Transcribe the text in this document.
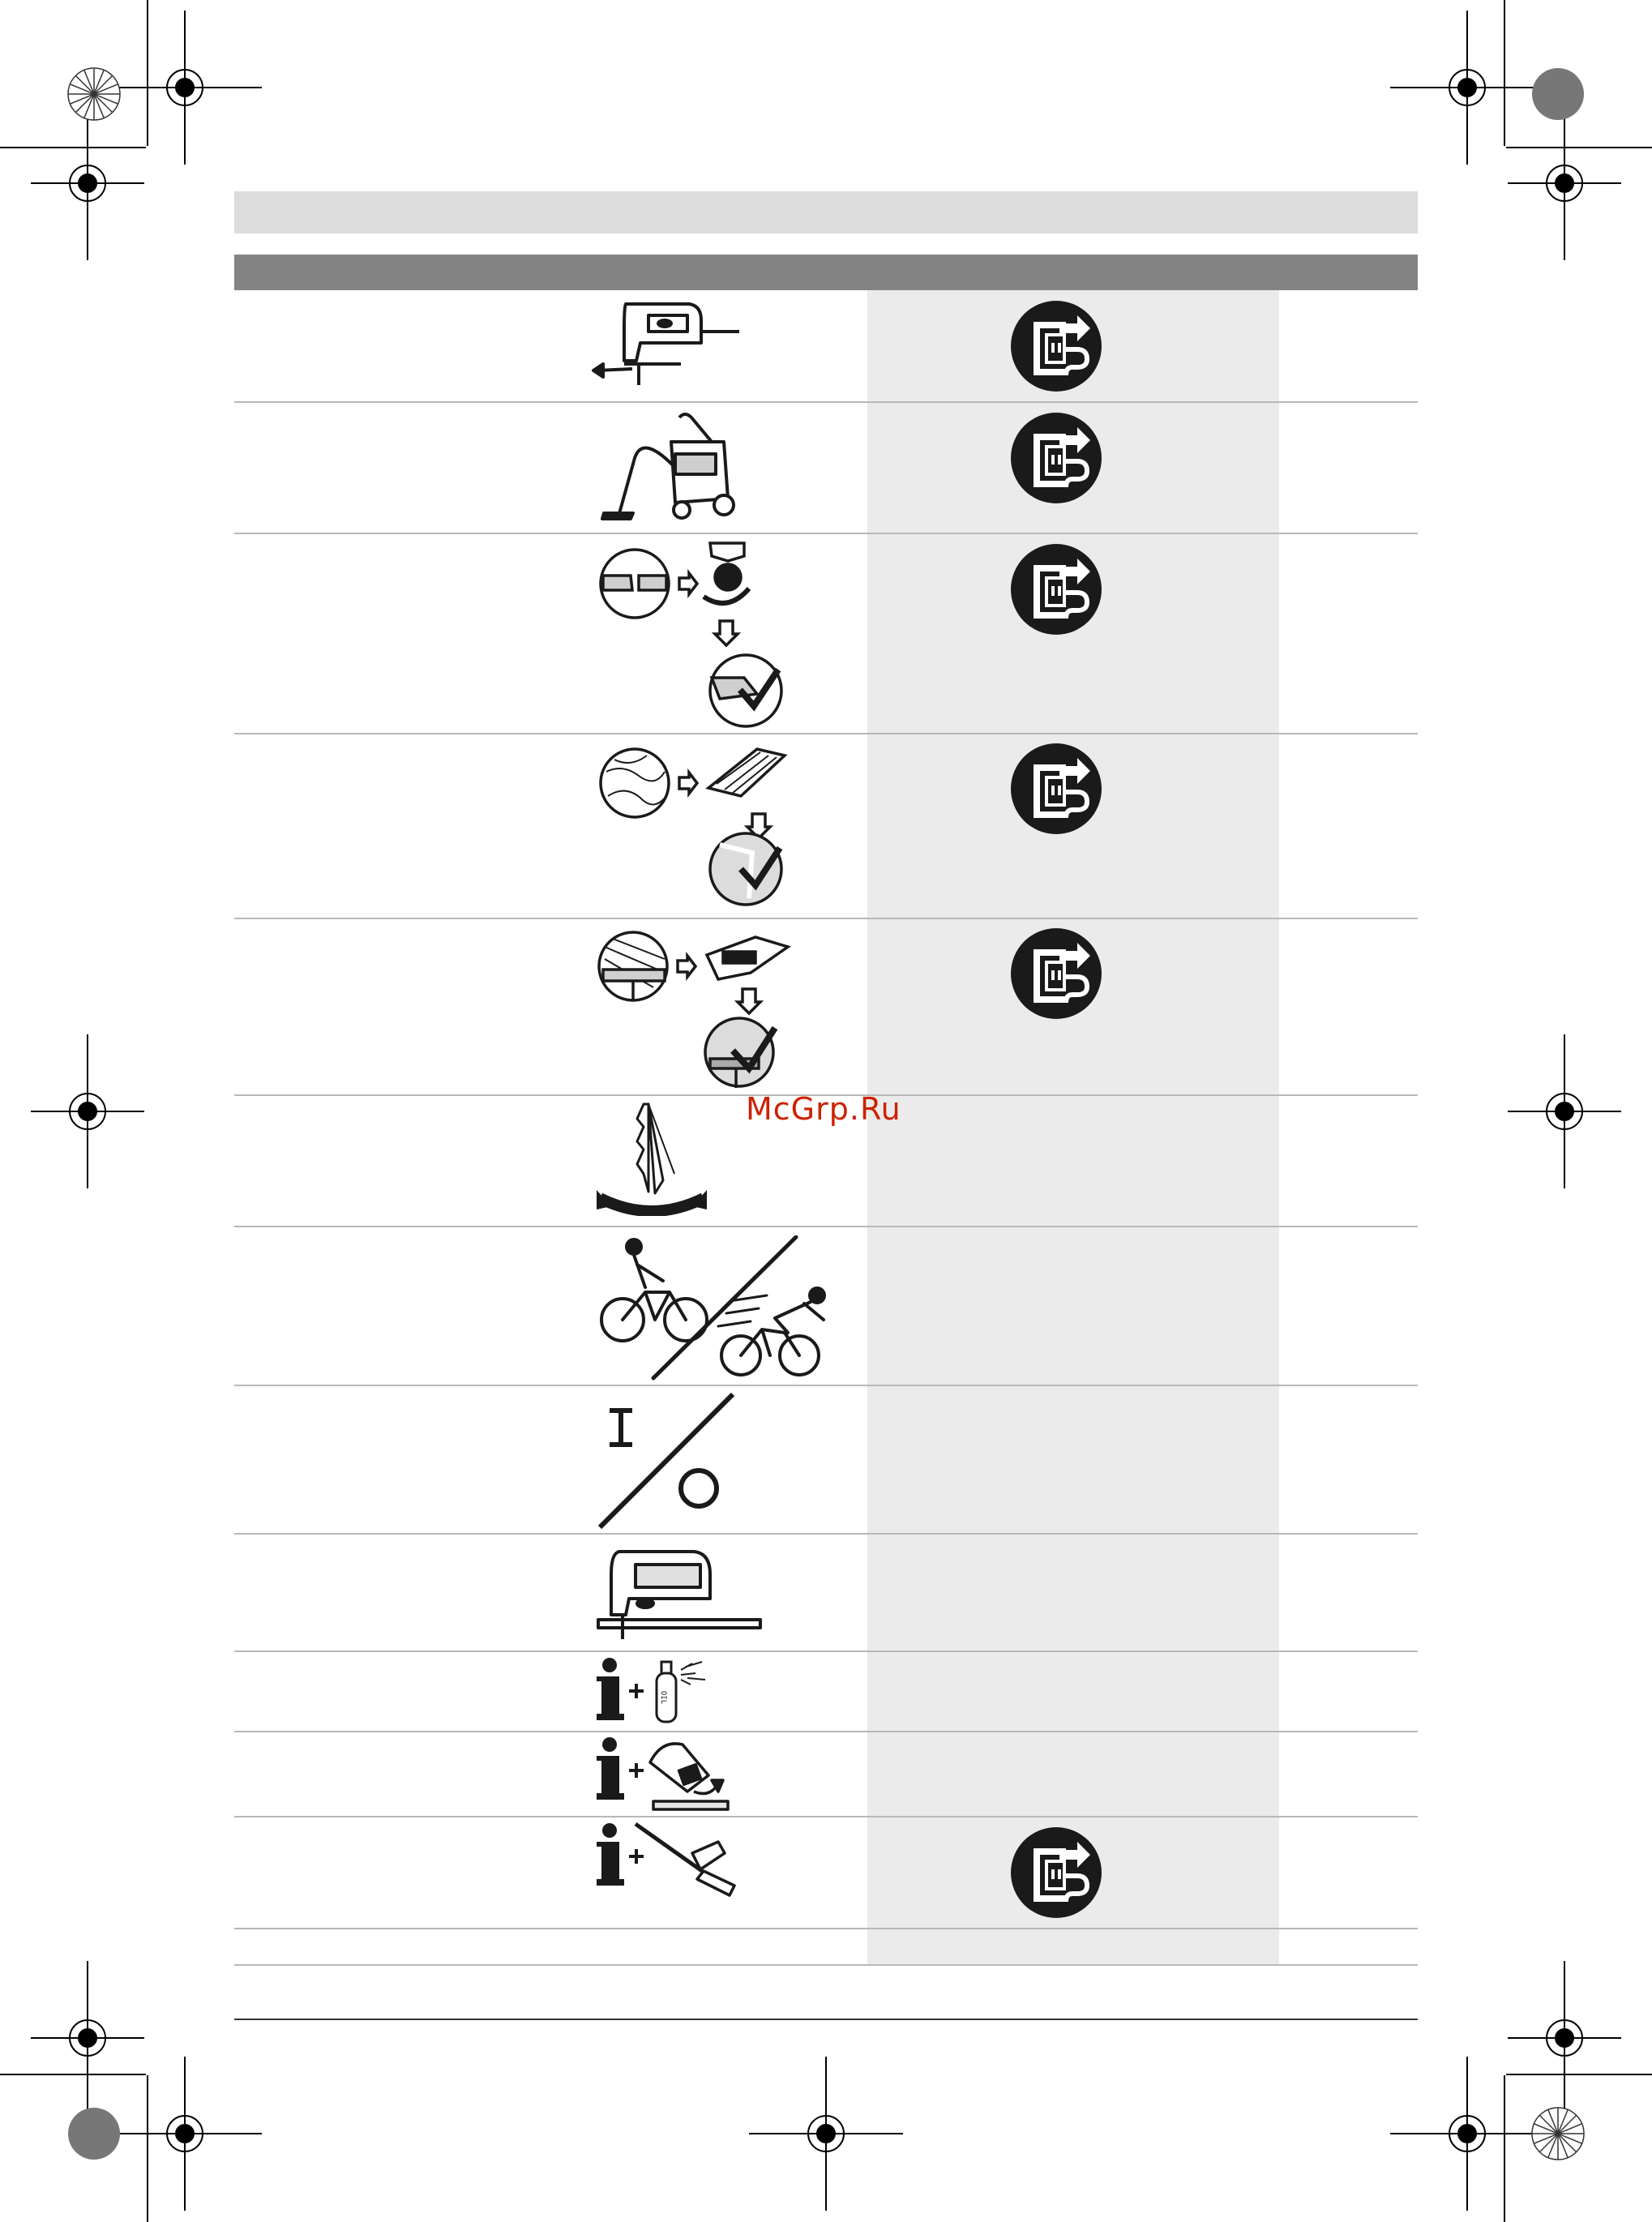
OIL
McGrp.Ru
